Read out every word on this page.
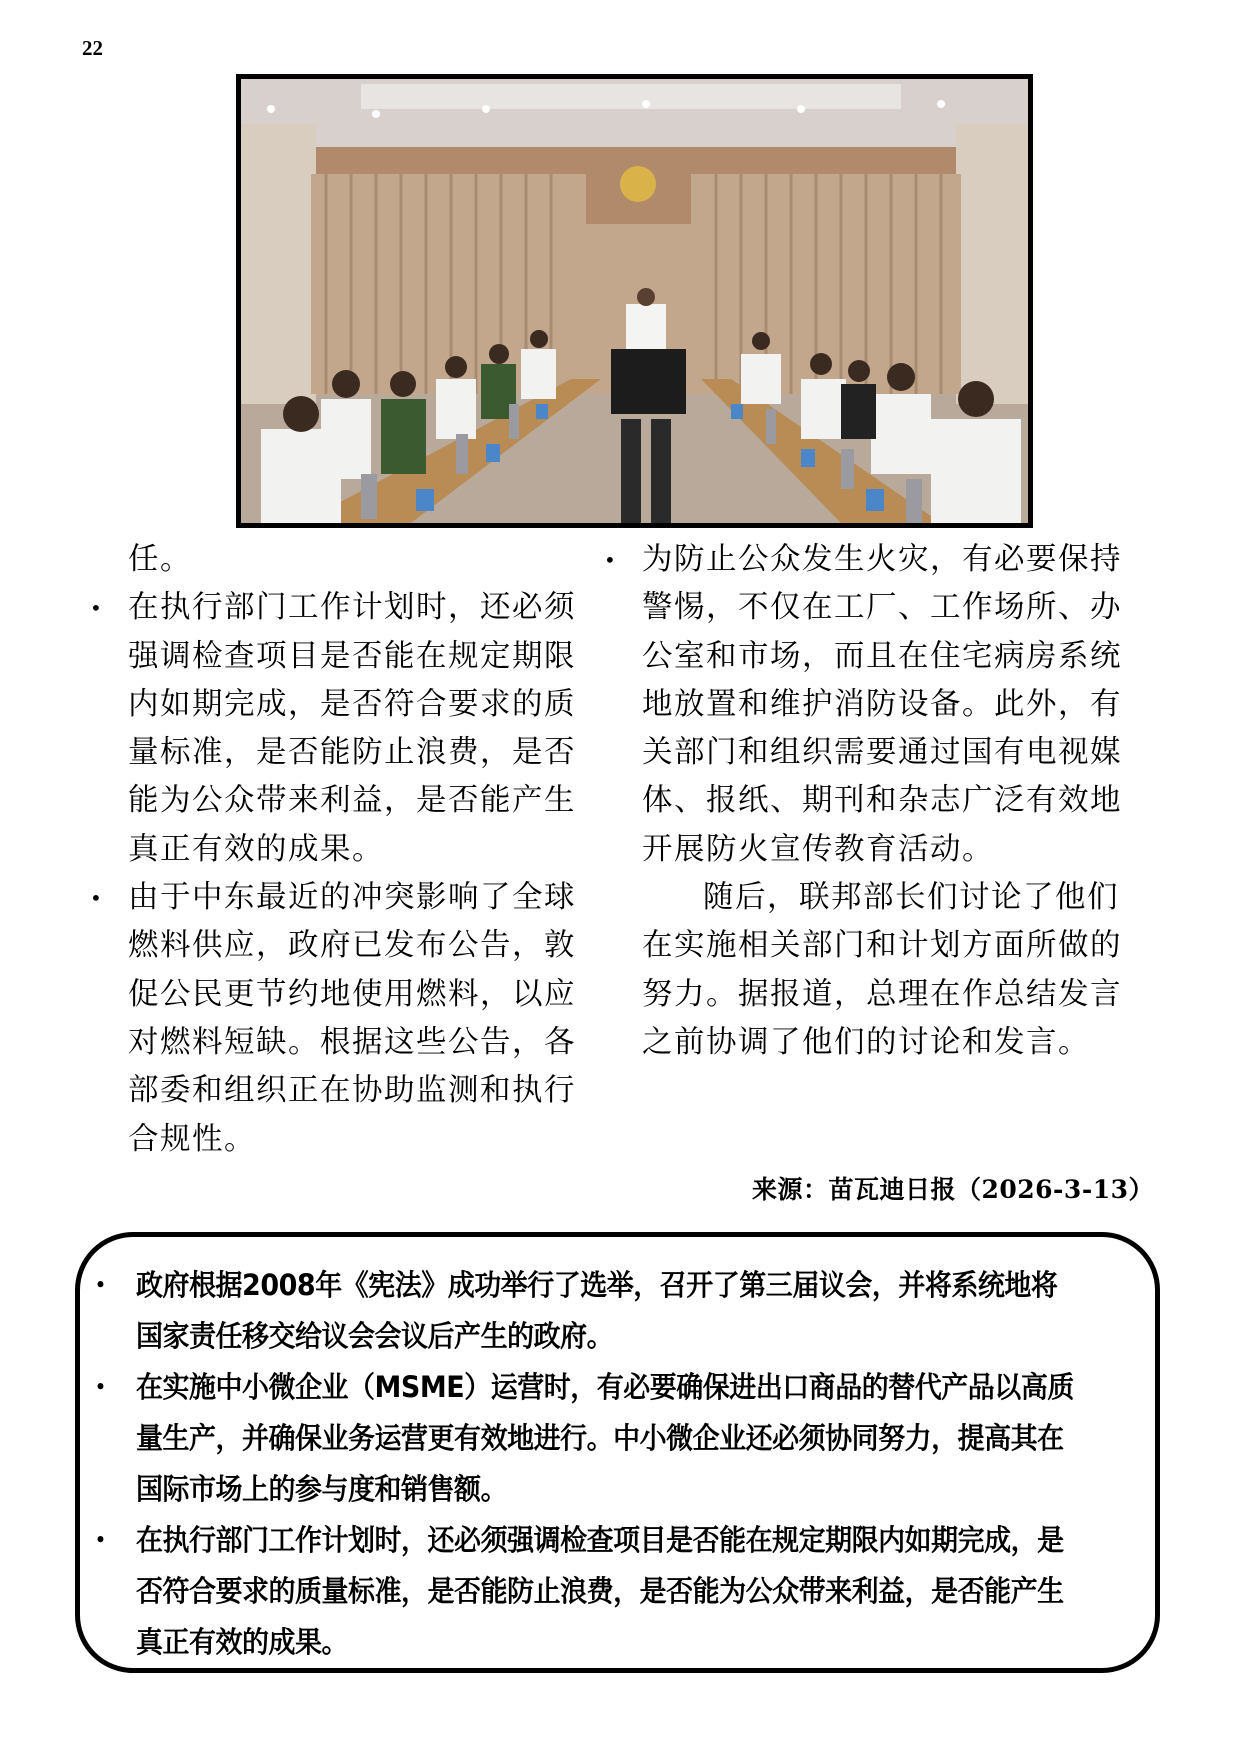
22

任。

• 在执行部门工作计划时，还必须强调检查项目是否能在规定期限内如期完成，是否符合要求的质量标准，是否能防止浪费，是否能为公众带来利益，是否能产生真正有效的成果。
• 由于中东最近的冲突影响了全球燃料供应，政府已发布公告，敦促公民更节约地使用燃料，以应对燃料短缺。根据这些公告，各部委和组织正在协助监测和执行合规性。
• 为防止公众发生火灾，有必要保持警惕，不仅在工厂、工作场所、办公室和市场，而且在住宅病房系统地放置和维护消防设备。此外，有关部门和组织需要通过国有电视媒体、报纸、期刊和杂志广泛有效地开展防火宣传教育活动。

随后，联邦部长们讨论了他们在实施相关部门和计划方面所做的努力。据报道，总理在作总结发言之前协调了他们的讨论和发言。

来源：苗瓦迪日报（2026-3-13）
• 政府根据2008年《宪法》成功举行了选举，召开了第三届议会，并将系统地将国家责任移交给议会会议后产生的政府。
• 在实施中小微企业（MSME）运营时，有必要确保进出口商品的替代产品以高质量生产，并确保业务运营更有效地进行。中小微企业还必须协同努力，提高其在国际市场上的参与度和销售额。
• 在执行部门工作计划时，还必须强调检查项目是否能在规定期限内如期完成，是否符合要求的质量标准，是否能防止浪费，是否能为公众带来利益，是否能产生真正有效的成果。
